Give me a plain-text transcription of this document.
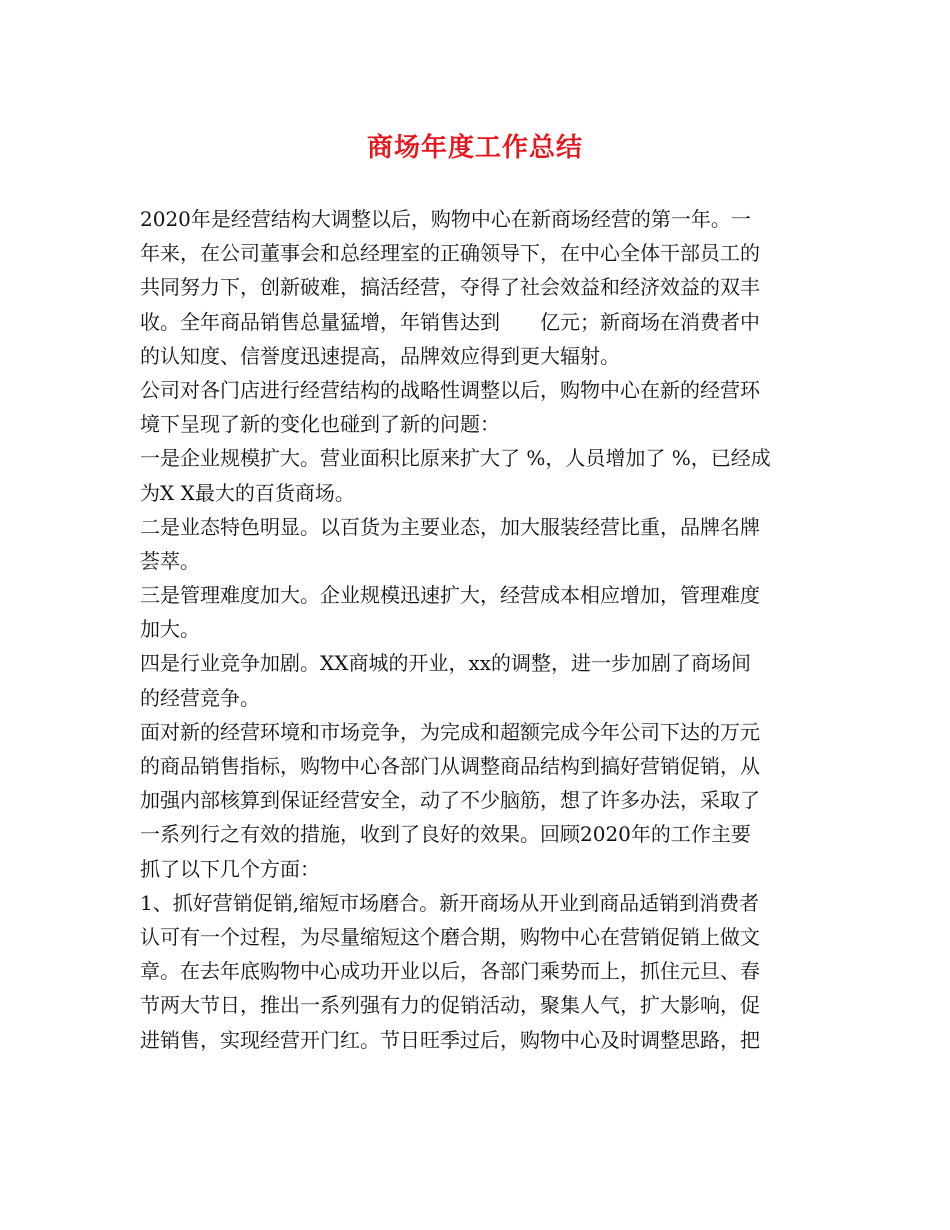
商场年度工作总结
2020年是经营结构大调整以后，购物中心在新商场经营的第一年。一
年来，在公司董事会和总经理室的正确领导下，在中心全体干部员工的
共同努力下，创新破难，搞活经营，夺得了社会效益和经济效益的双丰
收。全年商品销售总量猛增，年销售达到　　亿元；新商场在消费者中
的认知度、信誉度迅速提高，品牌效应得到更大辐射。
公司对各门店进行经营结构的战略性调整以后，购物中心在新的经营环
境下呈现了新的变化也碰到了新的问题：
一是企业规模扩大。营业面积比原来扩大了 %，人员增加了 %，已经成
为X X最大的百货商场。
二是业态特色明显。以百货为主要业态，加大服装经营比重，品牌名牌
荟萃。
三是管理难度加大。企业规模迅速扩大，经营成本相应增加，管理难度
加大。
四是行业竞争加剧。XX商城的开业，xx的调整，进一步加剧了商场间
的经营竞争。
面对新的经营环境和市场竞争，为完成和超额完成今年公司下达的万元
的商品销售指标，购物中心各部门从调整商品结构到搞好营销促销，从
加强内部核算到保证经营安全，动了不少脑筋，想了许多办法，采取了
一系列行之有效的措施，收到了良好的效果。回顾2020年的工作主要
抓了以下几个方面：
1、抓好营销促销,缩短市场磨合。新开商场从开业到商品适销到消费者
认可有一个过程，为尽量缩短这个磨合期，购物中心在营销促销上做文
章。在去年底购物中心成功开业以后，各部门乘势而上，抓住元旦、春
节两大节日，推出一系列强有力的促销活动，聚集人气，扩大影响，促
进销售，实现经营开门红。节日旺季过后，购物中心及时调整思路，把
